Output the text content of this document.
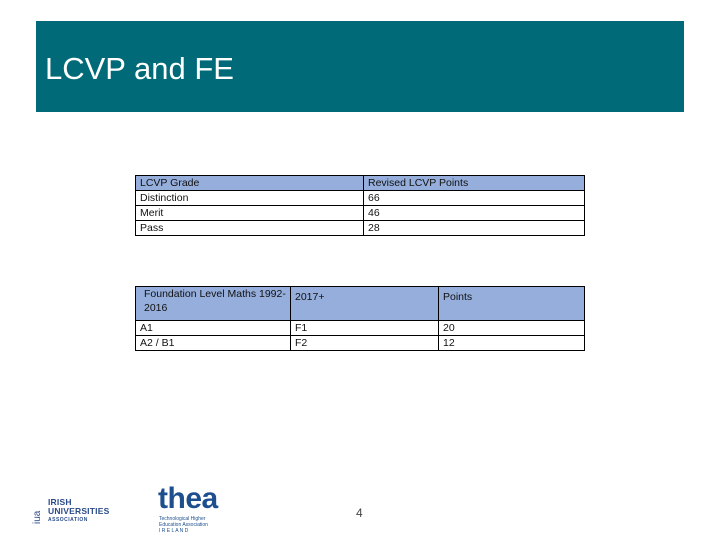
LCVP and FE
LCVP Grade	Revised LCVP Points
Distinction	66
Merit	46
Pass	28
Foundation Level Maths 1992-2016	2017+	Points
A1	F1	20
A2 / B1	F2	12
iua
IRISH
UNIVERSITIES
ASSOCIATION
thea
Technological Higher
Education Association
I R E L A N D
4
